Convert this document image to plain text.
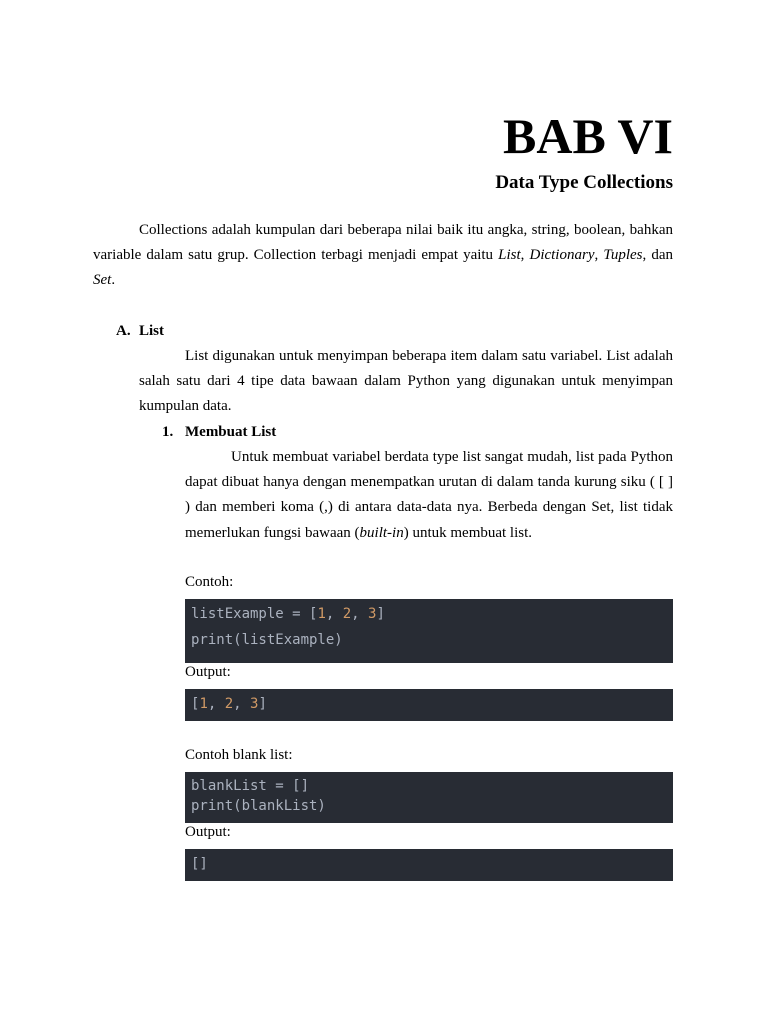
BAB VI
Data Type Collections

Collections adalah kumpulan dari beberapa nilai baik itu angka, string, boolean, bahkan variable dalam satu grup. Collection terbagi menjadi empat yaitu List, Dictionary, Tuples, dan Set.

A. List

List digunakan untuk menyimpan beberapa item dalam satu variabel. List adalah salah satu dari 4 tipe data bawaan dalam Python yang digunakan untuk menyimpan kumpulan data.

1. Membuat List

Untuk membuat variabel berdata type list sangat mudah, list pada Python dapat dibuat hanya dengan menempatkan urutan di dalam tanda kurung siku ( [ ] ) dan memberi koma (,) di antara data-data nya. Berbeda dengan Set, list tidak memerlukan fungsi bawaan (built-in) untuk membuat list.

Contoh:

listExample = [1, 2, 3]
print(listExample)

Output:

[1, 2, 3]

Contoh blank list:

blankList = []
print(blankList)

Output:

[]
